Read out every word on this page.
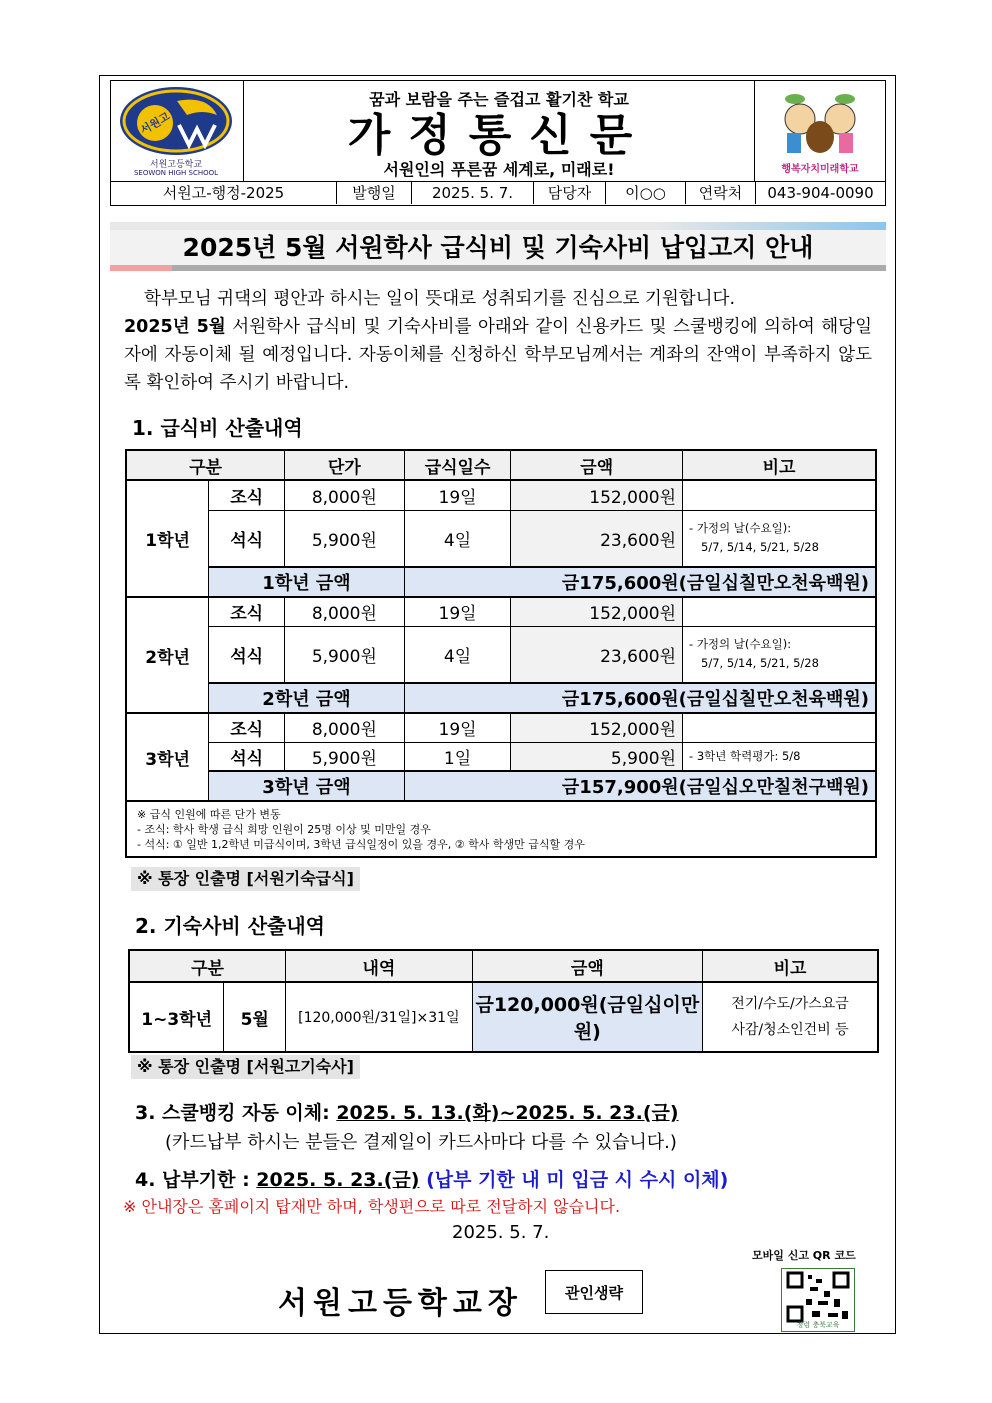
서원고등학교
SEOWON HIGH SCHOOL
서원고
꿈과 보람을 주는 즐겁고 활기찬 학교
가정통신문
서원인의 푸른꿈 세계로, 미래로!	행복자치미래학교
서원고-행정-2025	발행일	2025. 5. 7.	담당자	이○○	연락처	043-904-0090
2025년 5월 서원학사 급식비 및 기숙사비 납입고지 안내

학부모님 귀댁의 평안과 하시는 일이 뜻대로 성취되기를 진심으로 기원합니다.

2025년 5월 서원학사 급식비 및 기숙사비를 아래와 같이 신용카드 및 스쿨뱅킹에 의하여 해당일자에 자동이체 될 예정입니다. 자동이체를 신청하신 학부모님께서는 계좌의 잔액이 부족하지 않도록 확인하여 주시기 바랍니다.

1. 급식비 산출내역
구분		단가	급식일수	금액	비고
1학년	조식	8,000원	19일	152,000원	
	석식	5,900원	4일	23,600원	- 가정의 날(수요일):
5/7, 5/14, 5/21, 5/28

	1학년 금액		금175,600원(금일십칠만오천육백원)		
2학년	조식	8,000원	19일	152,000원	
	석식	5,900원	4일	23,600원	- 가정의 날(수요일):
5/7, 5/14, 5/21, 5/28

	2학년 금액		금175,600원(금일십칠만오천육백원)		
3학년	조식	8,000원	19일	152,000원	
	석식	5,900원	1일	5,900원	- 3학년 학력평가: 5/8
	3학년 금액		금157,900원(금일십오만칠천구백원)		

※ 급식 인원에 따른 단가 변동
- 조식: 학사 학생 급식 희망 인원이 25명 이상 및 미만일 경우
- 석식: ① 일반 1,2학년 미급식이며, 3학년 급식일정이 있을 경우, ② 학사 학생만 급식할 경우					
※ 통장 인출명 [서원기숙급식]
2. 기숙사비 산출내역
구분		내역	금액	비고
1~3학년	5월	[120,000원/31일]×31일	금120,000원(금일십이만원)	전기/수도/가스요금
사감/청소인건비 등
※ 통장 인출명 [서원고기숙사]
3. 스쿨뱅킹 자동 이체: 2025. 5. 13.(화)~2025. 5. 23.(금)
(카드납부 하시는 분들은 결제일이 카드사마다 다를 수 있습니다.)
4. 납부기한 : 2025. 5. 23.(금) (납부 기한 내 미 입금 시 수시 이체)
※ 안내장은 홈페이지 탑재만 하며, 학생편으로 따로 전달하지 않습니다.
2025. 5. 7.
모바일 신고 QR 코드
청렴 충북교육
서원고등학교장	관인생략
